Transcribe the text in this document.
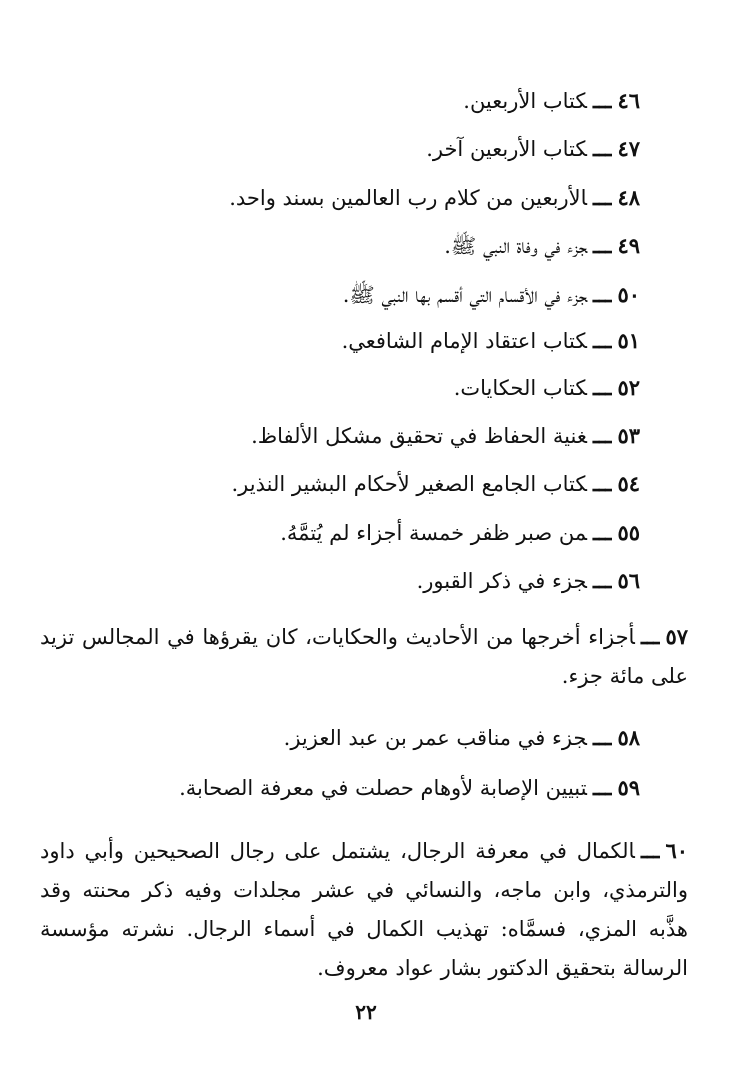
٤٦ـــكتاب الأربعين.
٤٧ـــكتاب الأربعين آخر.
٤٨ـــالأربعين من كلام رب العالمين بسند واحد.
٤٩ـــجزء في وفاة النبي ﷺ.
٥٠ـــجزء في الأقسام التي أقسم بها النبي ﷺ.
٥١ـــكتاب اعتقاد الإمام الشافعي.
٥٢ـــكتاب الحكايات.
٥٣ـــغنية الحفاظ في تحقيق مشكل الألفاظ.
٥٤ـــكتاب الجامع الصغير لأحكام البشير النذير.
٥٥ـــمن صبر ظفر خمسة أجزاء لم يُتمَّهُ.
٥٦ـــجزء في ذكر القبور.
٥٧ـــأجزاء أخرجها من الأحاديث والحكايات، كان يقرؤها في المجالس تزيد على مائة جزء.
٥٨ـــجزء في مناقب عمر بن عبد العزيز.
٥٩ـــتبيين الإصابة لأوهام حصلت في معرفة الصحابة.
٦٠ـــالكمال في معرفة الرجال، يشتمل على رجال الصحيحين وأبي داود والترمذي، وابن ماجه، والنسائي في عشر مجلدات وفيه ذكر محنته وقد هذَّبه المزي، فسمَّاه: تهذيب الكمال في أسماء الرجال. نشرته مؤسسة الرسالة بتحقيق الدكتور بشار عواد معروف.
٢٢
